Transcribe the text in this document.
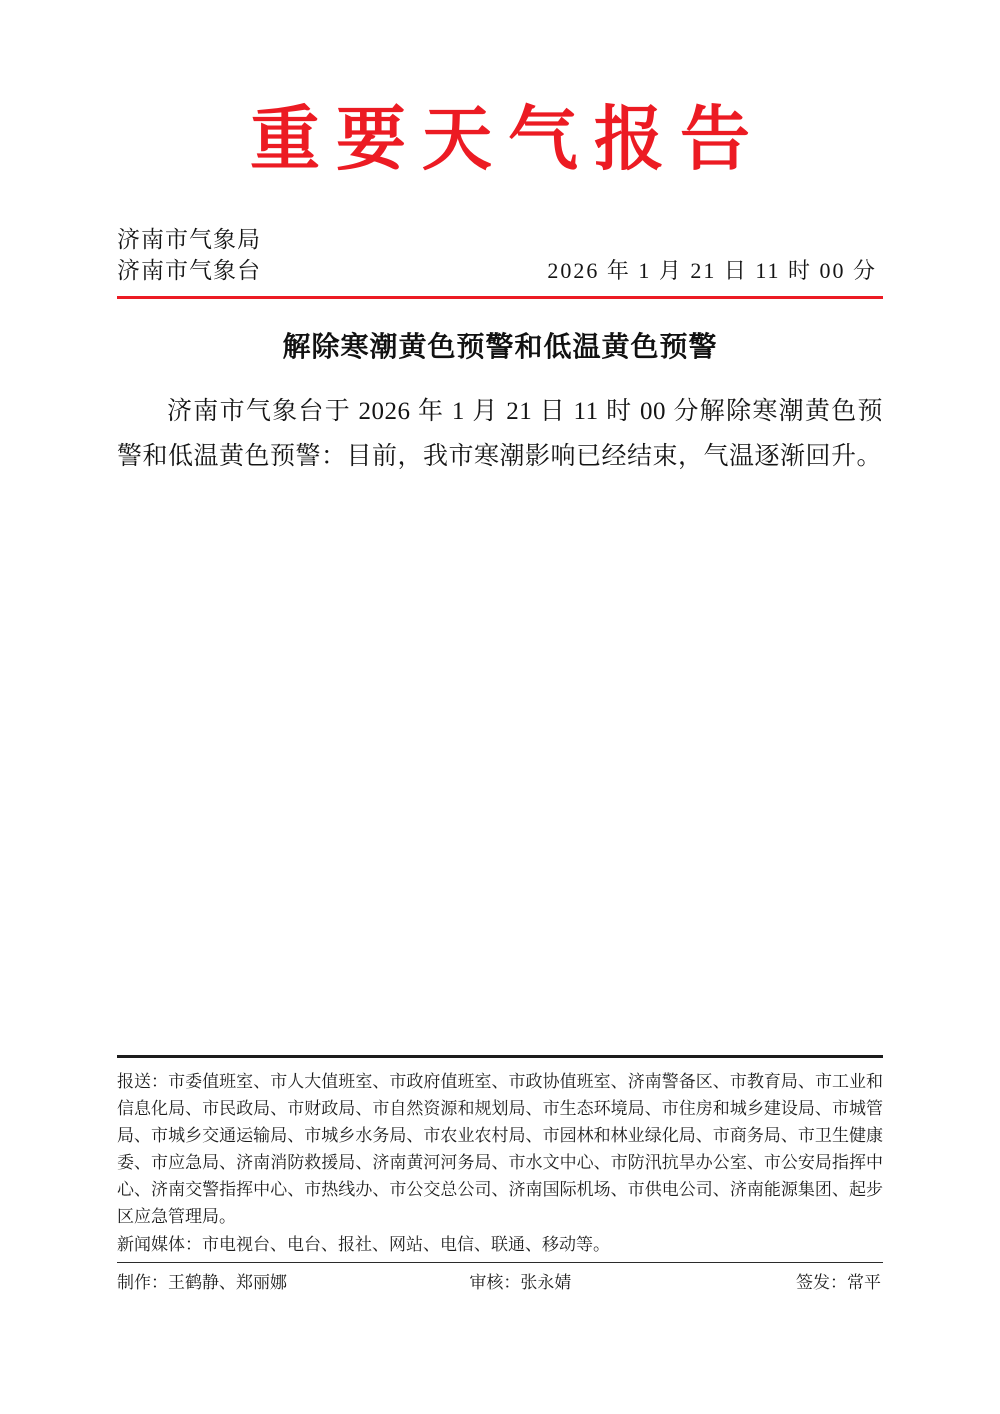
重要天气报告
济南市气象局
济南市气象台	2026 年 1 月 21 日 11 时 00 分
解除寒潮黄色预警和低温黄色预警
济南市气象台于 2026 年 1 月 21 日 11 时 00 分解除寒潮黄色预警和低温黄色预警：目前，我市寒潮影响已经结束，气温逐渐回升。

报送：市委值班室、市人大值班室、市政府值班室、市政协值班室、济南警备区、市教育局、市工业和信息化局、市民政局、市财政局、市自然资源和规划局、市生态环境局、市住房和城乡建设局、市城管局、市城乡交通运输局、市城乡水务局、市农业农村局、市园林和林业绿化局、市商务局、市卫生健康委、市应急局、济南消防救援局、济南黄河河务局、市水文中心、市防汛抗旱办公室、市公安局指挥中心、济南交警指挥中心、市热线办、市公交总公司、济南国际机场、市供电公司、济南能源集团、起步区应急管理局。

新闻媒体：市电视台、电台、报社、网站、电信、联通、移动等。

制作：王鹤静、郑丽娜	审核：张永婧	签发：常平
